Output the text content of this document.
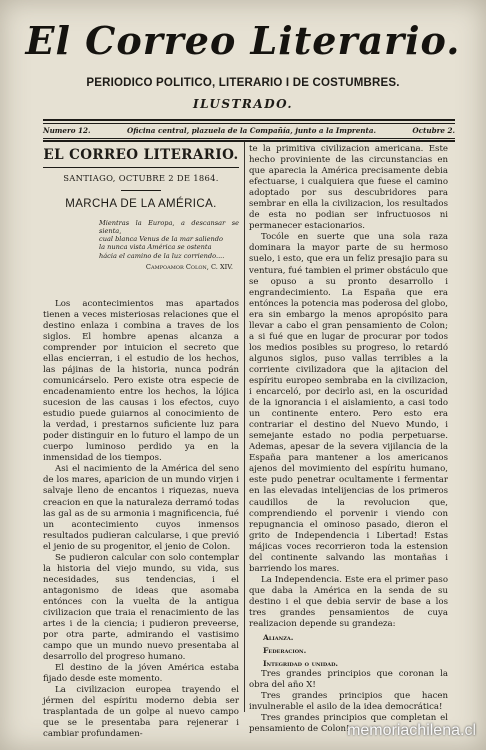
El Correo Literario.
PERIODICO POLITICO, LITERARIO I DE COSTUMBRES.
ILUSTRADO.
Numero 12.	Oficina central, plazuela de la Compañía, junto a la Imprenta.	Octubre 2.
EL CORREO LITERARIO.
SANTIAGO, OCTUBRE 2 DE 1864.
MARCHA DE LA AMÉRICA.
Mientras la Europa, a descansar se sienta,
cual blanca Venus de la mar saliendo
la nunca vista América se ostenta
hácia el camino de la luz corriendo....
Campoamor Colon, C. XIV.

Los acontecimientos mas apartados tienen a veces misteriosas relaciones que el destino enlaza i combina a traves de los siglos. El hombre apenas alcanza a comprender por intuicion el secreto que ellas encierran, i el estudio de los hechos, las pájinas de la historia, nunca podrán comunicárselo. Pero existe otra especie de encadenamiento entre los hechos, la lójica sucesion de las causas i los efectos, cuyo estudio puede guiarnos al conocimiento de la verdad, i prestarnos suficiente luz para poder distinguir en lo futuro el lampo de un cuerpo luminoso perdido ya en la inmensidad de los tiempos.

Asi el nacimiento de la América del seno de los mares, aparicion de un mundo virjen i salvaje lleno de encantos i riquezas, nueva creacion en que la naturaleza derramó todas las gal as de su armonia i magnificencia, fué un acontecimiento cuyos inmensos resultados pudieran calcularse, i que previó el jenio de su progenitor, el jenio de Colon.

Se pudieron calcular con solo contemplar la historia del viejo mundo, su vida, sus necesidades, sus tendencias, i el antagonismo de ideas que asomaba entónces con la vuelta de la antigua civilizacion que traia el renacimiento de las artes i de la ciencia; i pudieron preveerse, por otra parte, admirando el vastisimo campo que un mundo nuevo presentaba al desarrollo del progreso humano.

El destino de la jóven América estaba fijado desde este momento.

La civilizacion europea trayendo el jérmen del espíritu moderno debia ser trasplantada de un golpe al nuevo campo que se le presentaba para rejenerar i cambiar profundamen-

te la primitiva civilizacion americana. Este hecho proviniente de las circunstancias en que aparecia la América precisamente debia efectuarse, i cualquiera que fuese el camino adoptado por sus descubridores para sembrar en ella la civilizacion, los resultados de esta no podian ser infructuosos ni permanecer estacionarios.

Tocóle en suerte que una sola raza dominara la mayor parte de su hermoso suelo, i esto, que era un feliz presajio para su ventura, fué tambien el primer obstáculo que se opuso a su pronto desarrollo i engrandecimiento. La España que era entónces la potencia mas poderosa del globo, era sin embargo la menos apropósito para llevar a cabo el gran pensamiento de Colon; a si fué que en lugar de procurar por todos los medios posibles su progreso, lo retardó algunos siglos, puso vallas terribles a la corriente civilizadora que la ajitacion del espíritu europeo sembraba en la civilizacion, i encarceló, por decirlo asi, en la oscuridad de la ignorancia i el aislamiento, a casi todo un continente entero. Pero esto era contrariar el destino del Nuevo Mundo, i semejante estado no podia perpetuarse. Ademas, apesar de la severa vijilancia de la España para mantener a los americanos ajenos del movimiento del espíritu humano, este pudo penetrar ocultamente i fermentar en las elevadas intelijencias de los primeros caudillos de la revolucion que, comprendiendo el porvenir i viendo con repugnancia el ominoso pasado, dieron el grito de Independencia i Libertad! Estas májicas voces recorrieron toda la estension del continente salvando las montañas i barriendo los mares.

La Independencia. Este era el primer paso que daba la América en la senda de su destino i el que debia servir de base a los tres grandes pensamientos de cuya realizacion depende su grandeza:

Alianza.
Federacion.
Integridad o unidad.

Tres grandes principios que coronan la obra del año X!

Tres grandes principios que hacen invulnerable el asilo de la idea democrática!

Tres grandes principios que completan el pensamiento de Colon!

memoriachilena.cl
